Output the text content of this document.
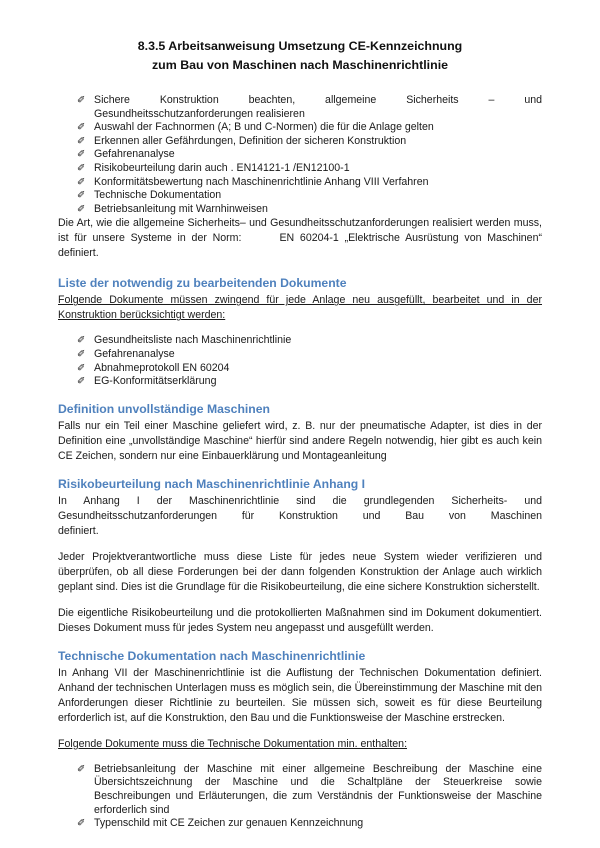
8.3.5 Arbeitsanweisung Umsetzung CE-Kennzeichnung
zum Bau von Maschinen nach Maschinenrichtlinie
✐ Sichere Konstruktion beachten, allgemeine Sicherheits – und Gesundheitsschutzanforderungen realisieren
✐ Auswahl der Fachnormen (A; B und C-Normen) die für die Anlage gelten
✐ Erkennen aller Gefährdungen, Definition der sicheren Konstruktion
✐ Gefahrenanalyse
✐ Risikobeurteilung darin auch . EN14121-1 /EN12100-1
✐ Konformitätsbewertung nach Maschinenrichtlinie Anhang VIII Verfahren
✐ Technische Dokumentation
✐ Betriebsanleitung mit Warnhinweisen

Die Art, wie die allgemeine Sicherheits– und Gesundheitsschutzanforderungen realisiert werden muss,

ist für unsere Systeme in der Norm:	EN 60204-1 „Elektrische Ausrüstung von Maschinen“ definiert.

Liste der notwendig zu bearbeitenden Dokumente

Folgende Dokumente müssen zwingend für jede Anlage neu ausgefüllt, bearbeitet und in der Konstruktion berücksichtigt werden:

✐ Gesundheitsliste nach Maschinenrichtlinie
✐ Gefahrenanalyse
✐ Abnahmeprotokoll EN 60204
✐ EG-Konformitätserklärung
Definition unvollständige Maschinen

Falls nur ein Teil einer Maschine geliefert wird, z. B. nur der pneumatische Adapter, ist dies in der Definition eine „unvollständige Maschine“ hierfür sind andere Regeln notwendig, hier gibt es auch kein CE Zeichen, sondern nur eine Einbauerklärung und Montageanleitung

Risikobeurteilung nach Maschinenrichtlinie Anhang I

In Anhang I der Maschinenrichtlinie sind die grundlegenden Sicherheits- und Gesundheitsschutzanforderungen für Konstruktion und Bau von Maschinen definiert.

Jeder Projektverantwortliche muss diese Liste für jedes neue System wieder verifizieren und überprüfen, ob all diese Forderungen bei der dann folgenden Konstruktion der Anlage auch wirklich geplant sind. Dies ist die Grundlage für die Risikobeurteilung, die eine sichere Konstruktion sicherstellt.

Die eigentliche Risikobeurteilung und die protokollierten Maßnahmen sind im Dokument dokumentiert. Dieses Dokument muss für jedes System neu angepasst und ausgefüllt werden.

Technische Dokumentation nach Maschinenrichtlinie

In Anhang VII der Maschinenrichtlinie ist die Auflistung der Technischen Dokumentation definiert. Anhand der technischen Unterlagen muss es möglich sein, die Übereinstimmung der Maschine mit den Anforderungen dieser Richtlinie zu beurteilen. Sie müssen sich, soweit es für diese Beurteilung erforderlich ist, auf die Konstruktion, den Bau und die Funktionsweise der Maschine erstrecken.

Folgende Dokumente muss die Technische Dokumentation min. enthalten:

✐ Betriebsanleitung der Maschine mit einer allgemeine Beschreibung der Maschine eine Übersichtszeichnung der Maschine und die Schaltpläne der Steuerkreise sowie Beschreibungen und Erläuterungen, die zum Verständnis der Funktionsweise der Maschine erforderlich sind
✐ Typenschild mit CE Zeichen zur genauen Kennzeichnung
